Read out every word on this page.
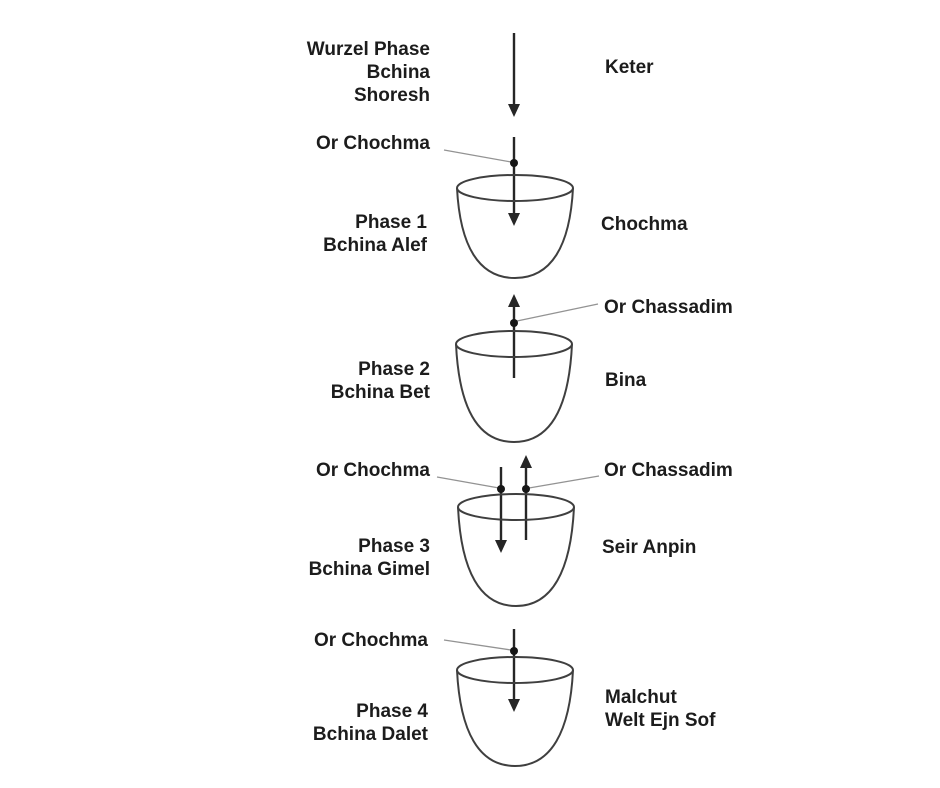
Wurzel Phase
Bchina
Shoresh
Keter
Or Chochma
Phase 1
Bchina Alef
Chochma
Or Chassadim
Phase 2
Bchina Bet
Bina
Or Chochma	Or Chassadim
Phase 3
Bchina Gimel
Seir Anpin
Or Chochma
Phase 4
Bchina Dalet
Malchut
Welt Ejn Sof
